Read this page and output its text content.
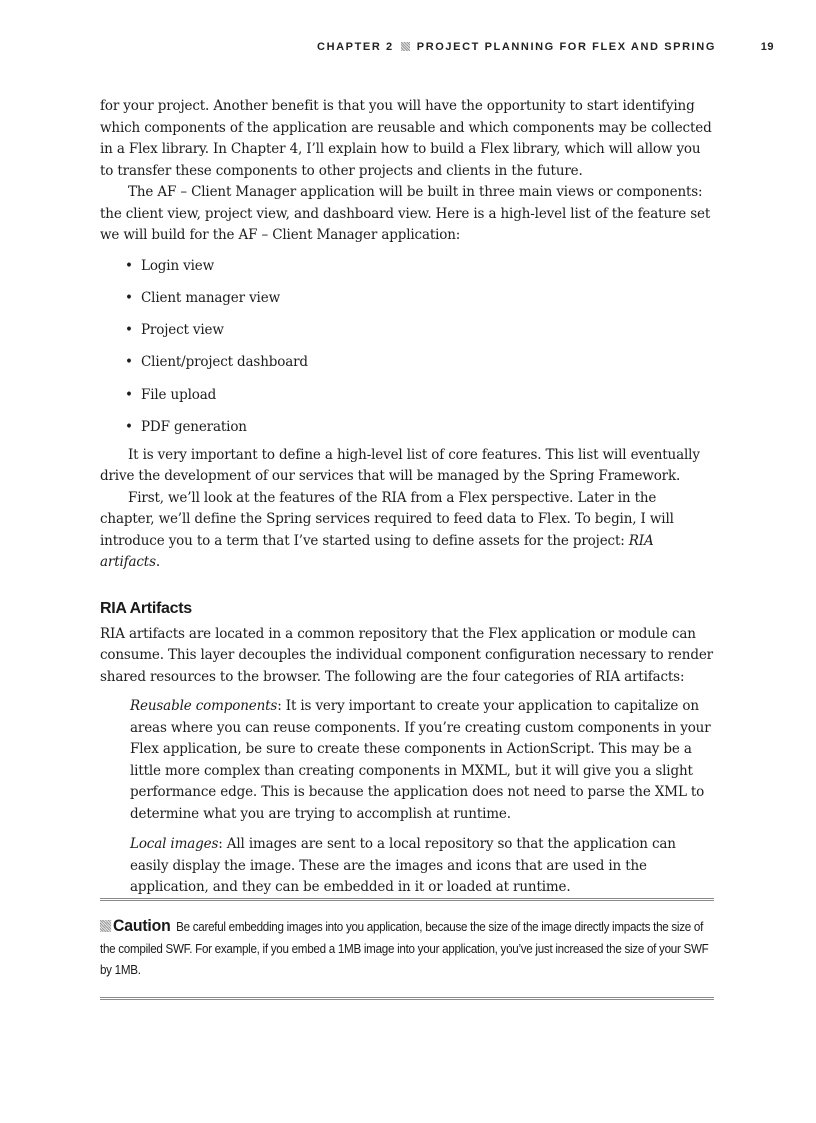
CHAPTER 2 PROJECT PLANNING FOR FLEX AND SPRING	19

for your project. Another benefit is that you will have the opportunity to start identifying which components of the application are reusable and which components may be collected in a Flex library. In Chapter 4, I’ll explain how to build a Flex library, which will allow you to transfer these components to other projects and clients in the future.

The AF – Client Manager application will be built in three main views or components: the client view, project view, and dashboard view. Here is a high-level list of the feature set we will build for the AF – Client Manager application:

• Login view
• Client manager view
• Project view
• Client/project dashboard
• File upload
• PDF generation

It is very important to define a high-level list of core features. This list will eventually drive the development of our services that will be managed by the Spring Framework.

First, we’ll look at the features of the RIA from a Flex perspective. Later in the chapter, we’ll define the Spring services required to feed data to Flex. To begin, I will introduce you to a term that I’ve started using to define assets for the project: RIA artifacts.

RIA Artifacts

RIA artifacts are located in a common repository that the Flex application or module can consume. This layer decouples the individual component configuration necessary to render shared resources to the browser. The following are the four categories of RIA artifacts:

Reusable components: It is very important to create your application to capitalize on areas where you can reuse components. If you’re creating custom components in your Flex application, be sure to create these components in ActionScript. This may be a little more complex than creating components in MXML, but it will give you a slight performance edge. This is because the application does not need to parse the XML to determine what you are trying to accomplish at runtime.

Local images: All images are sent to a local repository so that the application can easily display the image. These are the images and icons that are used in the application, and they can be embedded in it or loaded at runtime.

Caution Be careful embedding images into you application, because the size of the image directly impacts the size of the compiled SWF. For example, if you embed a 1MB image into your application, you’ve just increased the size of your SWF by 1MB.
